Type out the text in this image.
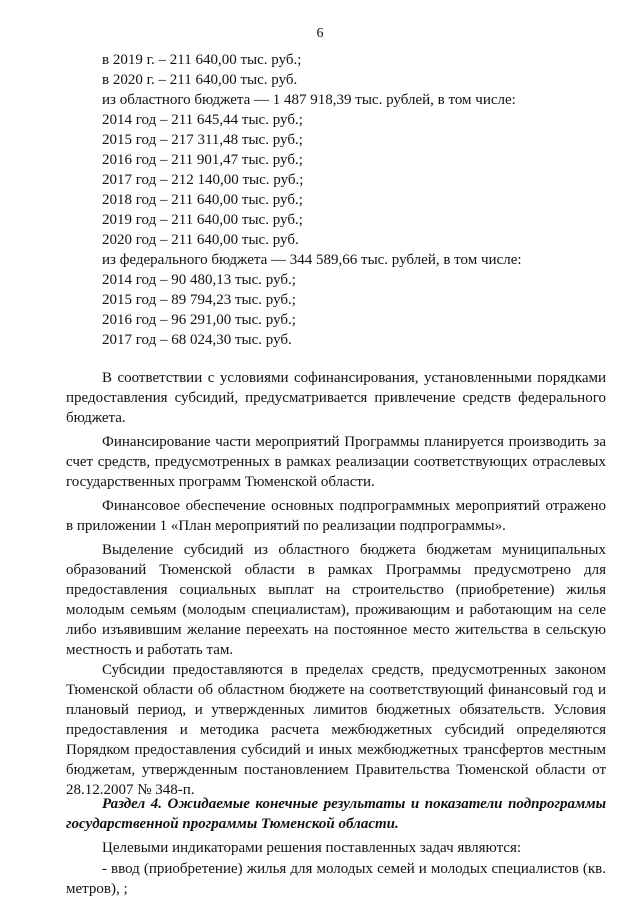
6
в 2019 г. – 211 640,00 тыс. руб.;
в 2020 г. – 211 640,00 тыс. руб.
из областного бюджета — 1 487 918,39 тыс. рублей, в том числе:
2014 год – 211 645,44 тыс. руб.;
2015 год – 217 311,48 тыс. руб.;
2016 год – 211 901,47 тыс. руб.;
2017 год – 212 140,00 тыс. руб.;
2018 год – 211 640,00 тыс. руб.;
2019 год – 211 640,00 тыс. руб.;
2020 год – 211 640,00 тыс. руб.
из федерального бюджета — 344 589,66 тыс. рублей, в том числе:
2014 год – 90 480,13 тыс. руб.;
2015 год – 89 794,23 тыс. руб.;
2016 год – 96 291,00 тыс. руб.;
2017 год – 68 024,30 тыс. руб.

В соответствии с условиями софинансирования, установленными порядками предоставления субсидий, предусматривается привлечение средств федерального бюджета.

Финансирование части мероприятий Программы планируется производить за счет средств, предусмотренных в рамках реализации соответствующих отраслевых государственных программ Тюменской области.

Финансовое обеспечение основных подпрограммных мероприятий отражено в приложении 1 «План мероприятий по реализации подпрограммы».

Выделение субсидий из областного бюджета бюджетам муниципальных образований Тюменской области в рамках Программы предусмотрено для предоставления социальных выплат на строительство (приобретение) жилья молодым семьям (молодым специалистам), проживающим и работающим на селе либо изъявившим желание переехать на постоянное место жительства в сельскую местность и работать там.

Субсидии предоставляются в пределах средств, предусмотренных законом Тюменской области об областном бюджете на соответствующий финансовый год и плановый период, и утвержденных лимитов бюджетных обязательств. Условия предоставления и методика расчета межбюджетных субсидий определяются Порядком предоставления субсидий и иных межбюджетных трансфертов местным бюджетам, утвержденным постановлением Правительства Тюменской области от 28.12.2007 № 348-п.

Раздел 4. Ожидаемые конечные результаты и показатели подпрограммы государственной программы Тюменской области.

Целевыми индикаторами решения поставленных задач являются:

- ввод (приобретение) жилья для молодых семей и молодых специалистов (кв. метров), ;
